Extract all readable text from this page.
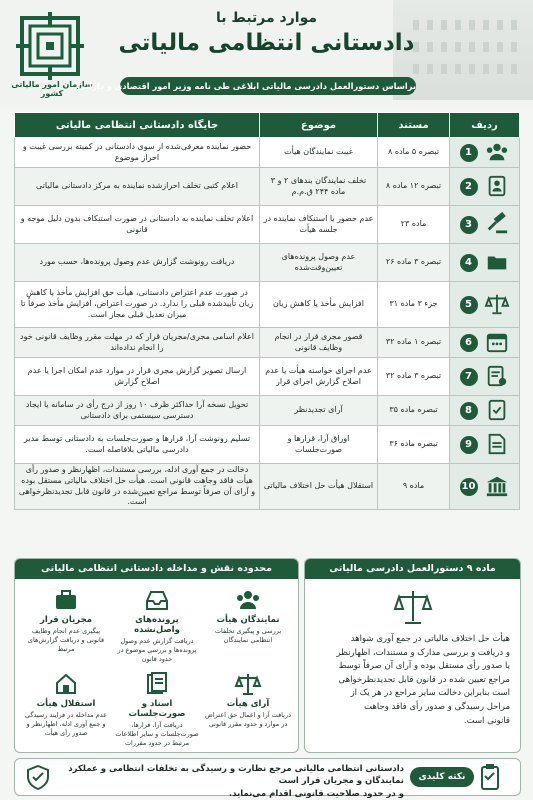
سازمان امور مالیاتی کشور
موارد مرتبط با
دادستانی انتظامی مالیاتی
براساس دستورالعمل دادرسی مالیاتی ابلاغی طی نامه وزیر امور اقتصادی و دارایی
ردیف	مستند	موضوع	جایگاه دادستانی انتظامی مالیاتی
1	تبصره ۵ ماده ۸	غیبت نمایندگان هیأت	حضور نماینده معرفی‌شده از سوی دادستانی در کمیته بررسی غیبت و احراز موضوع
2	تبصره ۱۲ ماده ۸	تخلف نمایندگان بندهای ۲ و ۳ ماده ۲۴۴ ق.م.م	اعلام کتبی تخلف احرازشده نماینده به مرکز دادستانی مالیاتی
3	ماده ۲۳	عدم حضور یا استنکاف نماینده در جلسه هیأت	اعلام تخلف نماینده به دادستانی در صورت استنکاف بدون دلیل موجه و قانونی
4	تبصره ۳ ماده ۲۶	عدم وصول پرونده‌های تعیین‌وقت‌شده	دریافت رونوشت گزارش عدم وصول پرونده‌ها، حسب مورد
5	جزء ۳ ماده ۳۱	افزایش مأخذ یا کاهش زیان	در صورت عدم اعتراض دادستانی، هیأت حق افزایش مأخذ یا کاهش زیان تأییدشده قبلی را ندارد. در صورت اعتراض، افزایش مأخذ صرفاً تا میزان تعدیل قبلی مجاز است.
6	تبصره ۱ ماده ۳۲	قصور مجری قرار در انجام وظایف قانونی	اعلام اسامی مجری/مجریان قرار که در مهلت مقرر وظایف قانونی خود را انجام نداده‌اند
7	تبصره ۳ ماده ۳۲	عدم اجرای خواسته هیأت یا عدم اصلاح گزارش اجرای قرار	ارسال تصویر گزارش مجری قرار در موارد عدم امکان اجرا یا عدم اصلاح گزارش
8	تبصره ماده ۳۵	آرای تجدیدنظر	تحویل نسخه آرا حداکثر ظرف ۱۰ روز از درج رأی در سامانه یا ایجاد دسترسی سیستمی برای دادستانی
9	تبصره ماده ۳۶	اوراق آرا، قرارها و صورت‌جلسات	تسلیم رونوشت آرا، قرارها و صورت‌جلسات به دادستانی توسط مدیر دادرسی مالیاتی بلافاصله است.
10	ماده ۹	استقلال هیأت حل اختلاف مالیاتی	دخالت در جمع آوری ادله، بررسی مستندات، اظهارنظر و صدور رأی هیأت فاقد وجاهت قانونی است. هیأت حل اختلاف مالیاتی مستقل بوده و آرای آن صرفاً توسط مراجع تعیین‌شده در قانون قابل تجدیدنظرخواهی است.
محدوده نقش و مداخله دادستانی انتظامی مالیاتی
نمایندگان هیأت
بررسی و پیگیری تخلفات انتظامی نمایندگان
پرونده‌های واصل‌نشده
دریافت گزارش عدم وصول پرونده‌ها و بررسی موضوع در حدود قانون
مجریان قرار
پیگیری عدم انجام وظایف قانونی و دریافت گزارش‌های مرتبط
آرای هیأت
دریافت آرا و اعمال حق اعتراض در موارد و حدود مقرر قانونی
اسناد و صورت‌جلسات
دریافت آرا، قرارها، صورت‌جلسات و سایر اطلاعات مرتبط در حدود مقررات
استقلال هیأت
عدم مداخله در فرایند رسیدگی و جمع آوری ادله، اظهارنظر و صدور رأی هیأت
ماده ۹ دستورالعمل دادرسی مالیاتی
هیأت حل اختلاف مالیاتی در جمع آوری شواهد
و دریافت و بررسی مدارک و مستندات، اظهارنظر
یا صدور رأی مستقل بوده و آرای آن صرفاً توسط
مراجع تعیین شده در قانون قابل تجدیدنظرخواهی
است بنابراین دخالت سایر مراجع در هر یک از
مراحل رسیدگی و صدور رأی فاقد وجاهت
قانونی است.
نکته کلیدی
دادستانی انتظامی مالیاتی مرجع نظارت و رسیدگی به تخلفات انتظامی و عملکرد نمایندگان و مجریان قرار است
و در حدود صلاحیت قانونی اقدام می‌نماید.
